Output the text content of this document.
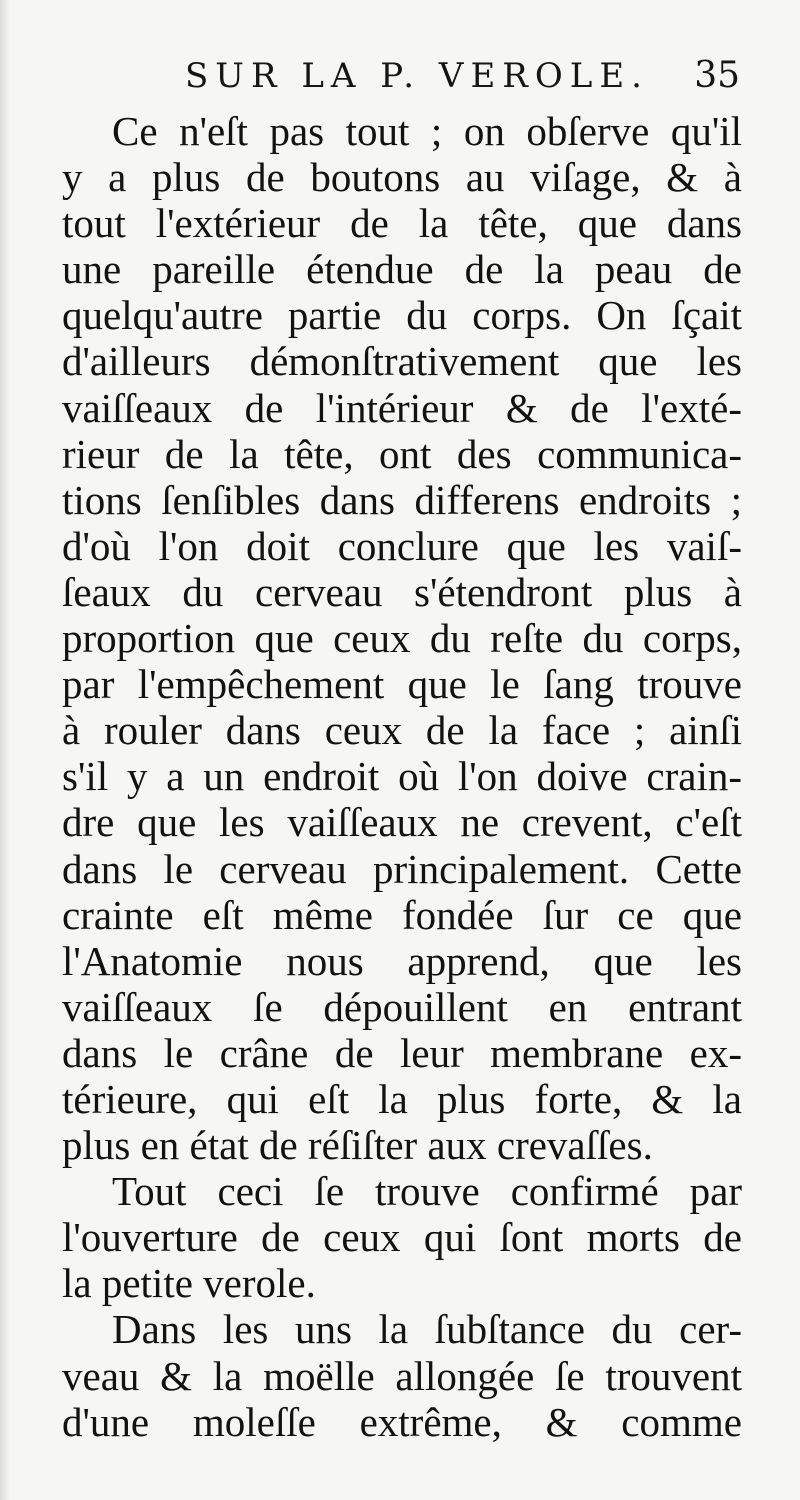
SUR LA P. VEROLE. 35
Ce n'eſt pas tout ; on obſerve qu'il
y a plus de boutons au viſage, & à
tout l'extérieur de la tête, que dans
une pareille étendue de la peau de
quelqu'autre partie du corps. On ſçait
d'ailleurs démonſtrativement que les
vaiſſeaux de l'intérieur & de l'exté-
rieur de la tête, ont des communica-
tions ſenſibles dans differens endroits ;
d'où l'on doit conclure que les vaiſ-
ſeaux du cerveau s'étendront plus à
proportion que ceux du reſte du corps,
par l'empêchement que le ſang trouve
à rouler dans ceux de la face ; ainſi
s'il y a un endroit où l'on doive crain-
dre que les vaiſſeaux ne crevent, c'eſt
dans le cerveau principalement. Cette
crainte eſt même fondée ſur ce que
l'Anatomie nous apprend, que les
vaiſſeaux ſe dépouillent en entrant
dans le crâne de leur membrane ex-
térieure, qui eſt la plus forte, & la
plus en état de réſiſter aux crevaſſes.
Tout ceci ſe trouve confirmé par
l'ouverture de ceux qui ſont morts de
la petite verole.
Dans les uns la ſubſtance du cer-
veau & la moëlle allongée ſe trouvent
d'une moleſſe extrême, & comme
